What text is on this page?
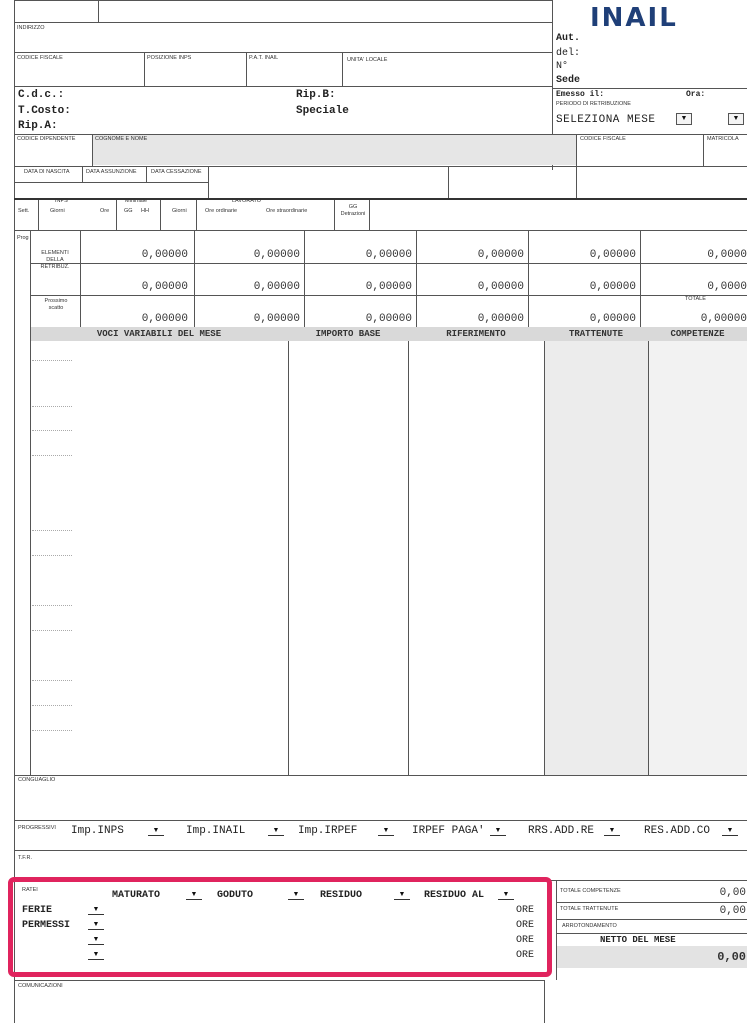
INDIRIZZO
CODICE FISCALE	POSIZIONE INPS	P.A.T. INAIL	UNITA' LOCALE
INAIL
Aut.
del:
N°
Sede
Emesso il:	Ora:
PERIODO DI RETRIBUZIONE
SELEZIONA MESE	▼	▼
C.d.c.:
T.Costo:
Rip.A:
Rip.B:
Speciale
CODICE DIPENDENTE	COGNOME E NOME	CODICE FISCALE	MATRICOLA
DATA DI NASCITA	DATA ASSUNZIONE	DATA CESSAZIONE
INPS
Sett.	Giorni	Ore
Minimale
GG HH	Giorni
LAVORATO
Ore ordinarie	Ore straordinarie
GG Detrazioni
Prog
ELEMENTI DELLA RETRIBUZ.
Prossimo scatto
TOTALE
0,00000	0,00000	0,00000	0,00000	0,00000	0,0000
0,00000	0,00000	0,00000	0,00000	0,00000	0,0000
0,00000	0,00000	0,00000	0,00000	0,00000	0,00000
VOCI VARIABILI DEL MESE	IMPORTO BASE	RIFERIMENTO	TRATTENUTE	COMPETENZE
CONGUAGLIO
PROGRESSIVI Imp.INPS	▼	Imp.INAIL	▼	Imp.IRPEF	▼	IRPEF PAGA'	▼	RRS.ADD.RE	▼	RES.ADD.CO	▼
T.F.R.
RATEI	MATURATO	▼	GODUTO	▼	RESIDUO	▼	RESIDUO AL	▼
FERIE	▼	ORE
PERMESSI	▼	ORE
▼	ORE
▼	ORE
TOTALE COMPETENZE	0,00
TOTALE TRATTENUTE	0,00
ARROTONDAMENTO
NETTO DEL MESE
0,00
COMUNICAZIONI
